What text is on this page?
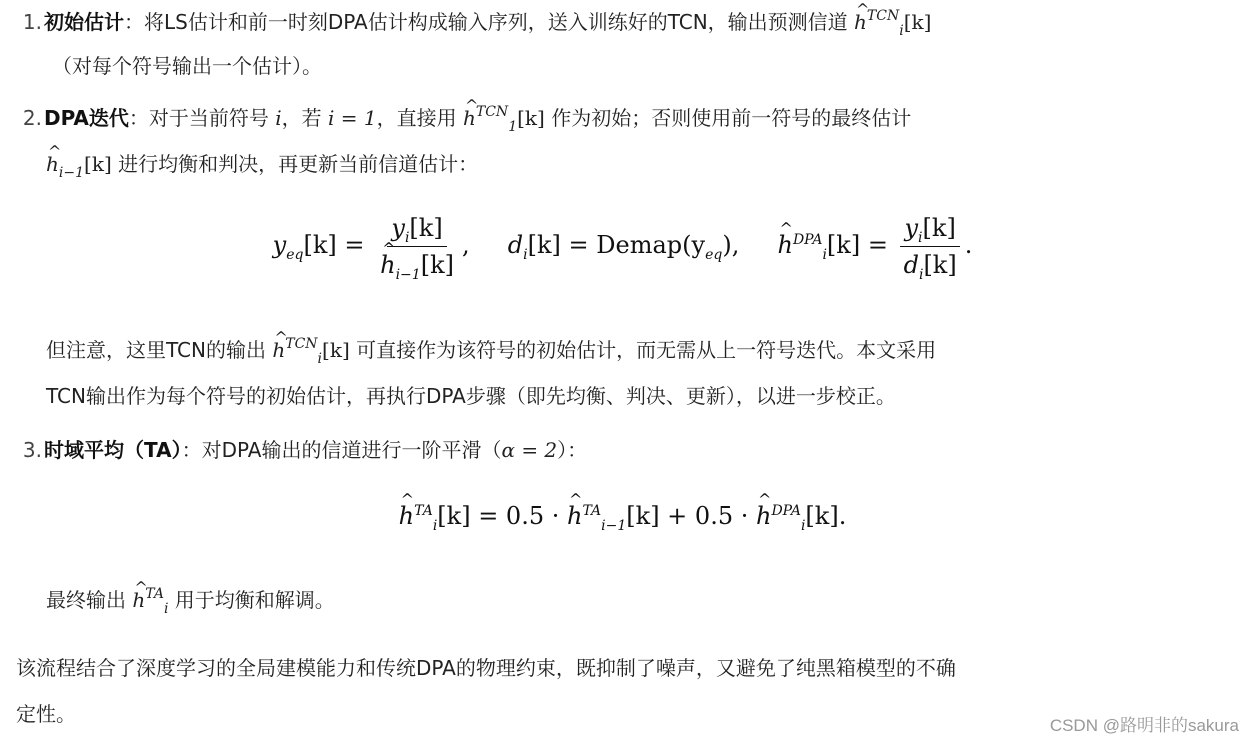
1. 初始估计：将LS估计和前一时刻DPA估计构成输入序列，送入训练好的TCN，输出预测信道 ^ $h^{TCN}_i[k]$
（对每个符号输出一个估计）。
2. DPA迭代：对于当前符号 i，若 i = 1，直接用 ^ $h^{TCN}_1[k]$ 作为初始；否则使用前一符号的最终估计
^ $h_{i-1}[k]$ 进行均衡和判决，再更新当前信道估计：
$y_{eq}[k] = y_i[k]$
^ $h_{i-1}[k]$ , $d_i[k]$ = $Demap(y_{eq})$, ^ $h^{DPA}_i[k] = \frac{y_i[k]}{d_i[k]}$ .
但注意，这里TCN的输出 ^ $h^{TCN}_i[k]$ 可直接作为该符号的初始估计，而无需从上一符号迭代。本文采用
TCN输出作为每个符号的初始估计，再执行DPA步骤（即先均衡、判决、更新），以进一步校正。
3. 时域平均（TA）：对DPA输出的信道进行一阶平滑（α = 2）：
^ $h^{TA}_i[k] = 0.5$ · ^ $h^{TA}_{i-1}[k] + 0.5$ · ^ $h^{DPA}_i[k]$.
最终输出 ^ $h^{TA}_i$ 用于均衡和解调。
该流程结合了深度学习的全局建模能力和传统DPA的物理约束，既抑制了噪声，又避免了纯黑箱模型的不确
定性。	CSDN @路明非的sakura
